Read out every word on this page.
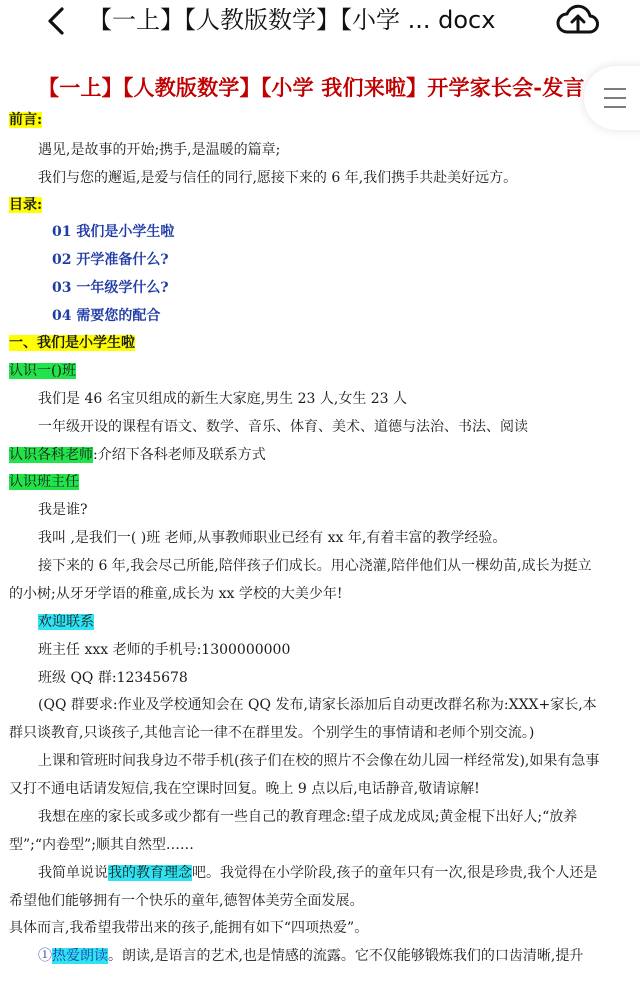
【一上】【人教版数学】【小学 ... docx
【一上】【人教版数学】【小学 我们来啦】开学家长会-发言
前言:
遇见,是故事的开始;携手,是温暖的篇章;
我们与您的邂逅,是爱与信任的同行,愿接下来的 6 年,我们携手共赴美好远方。
目录:
01 我们是小学生啦
02 开学准备什么?
03 一年级学什么?
04 需要您的配合
一、我们是小学生啦
认识一()班
我们是 46 名宝贝组成的新生大家庭,男生 23 人,女生 23 人
一年级开设的课程有语文、数学、音乐、体育、美术、道德与法治、书法、阅读
认识各科老师:介绍下各科老师及联系方式
认识班主任
我是谁?
我叫 ,是我们一( )班 老师,从事教师职业已经有 xx 年,有着丰富的教学经验。
接下来的 6 年,我会尽己所能,陪伴孩子们成长。用心浇灌,陪伴他们从一棵幼苗,成长为挺立
的小树;从牙牙学语的稚童,成长为 xx 学校的大美少年!
欢迎联系
班主任 xxx 老师的手机号:1300000000
班级 QQ 群:12345678
(QQ 群要求:作业及学校通知会在 QQ 发布,请家长添加后自动更改群名称为:XXX+家长,本
群只谈教育,只谈孩子,其他言论一律不在群里发。个别学生的事情请和老师个别交流。)
上课和管班时间我身边不带手机(孩子们在校的照片不会像在幼儿园一样经常发),如果有急事
又打不通电话请发短信,我在空课时回复。晚上 9 点以后,电话静音,敬请谅解!
我想在座的家长或多或少都有一些自己的教育理念:望子成龙成凤;黄金棍下出好人;“放养
型”;“内卷型”;顺其自然型……
我简单说说我的教育理念吧。我觉得在小学阶段,孩子的童年只有一次,很是珍贵,我个人还是
希望他们能够拥有一个快乐的童年,德智体美劳全面发展。
具体而言,我希望我带出来的孩子,能拥有如下“四项热爱”。
①热爱朗读。朗读,是语言的艺术,也是情感的流露。它不仅能够锻炼我们的口齿清晰,提升
